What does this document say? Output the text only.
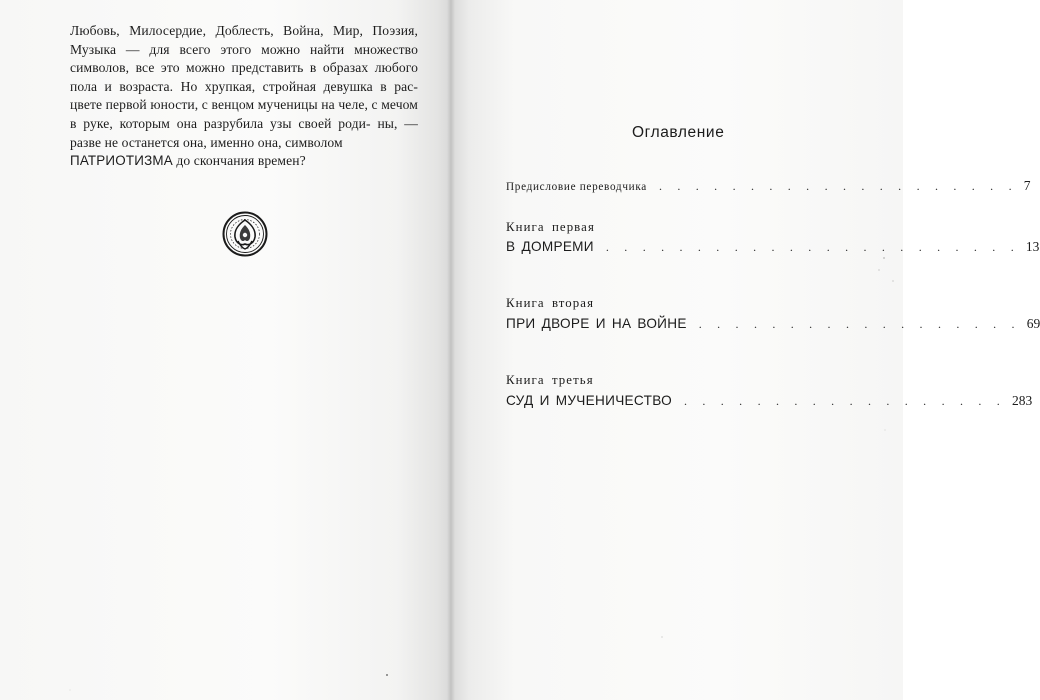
Любовь, Милосердие, Доблесть, Война, Мир, Поэзия, Музыка — для всего этого можно найти множество символов, все это можно представить в образах любого пола и возраста. Но хрупкая, стройная девушка в рас- цвете первой юности, с венцом мученицы на челе, с мечом в руке, которым она разрубила узы своей роди- ны, — разве не останется она, именно она, символом
ПАТРИОТИЗМА до скончания времен?

Оглавление
Предисловие переводчика . . . . . . . . . . . . . . . . . . . . 7

Книга первая

В ДОМРЕМИ . . . . . . . . . . . . . . . . . . . . . . . 13

Книга вторая

ПРИ ДВОРЕ И НА ВОЙНЕ . . . . . . . . . . . . . . . . . . 69

Книга третья

СУД И МУЧЕНИЧЕСТВО . . . . . . . . . . . . . . . . . . 283
